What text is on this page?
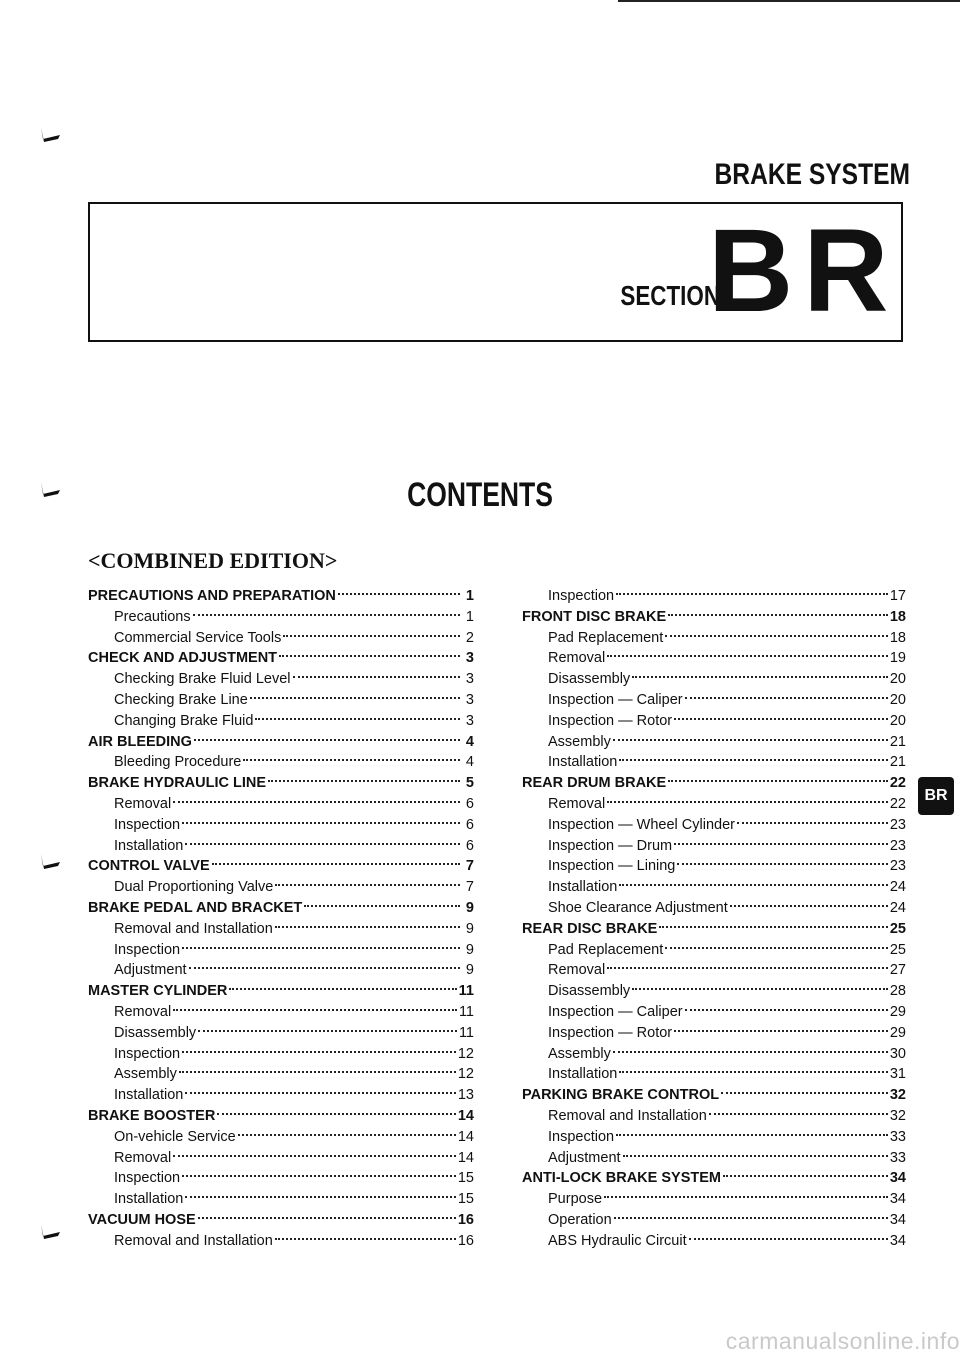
BRAKE SYSTEM
SECTION
BR
CONTENTS
<COMBINED EDITION>
PRECAUTIONS AND PREPARATION	1
Precautions	1
Commercial Service Tools	2
CHECK AND ADJUSTMENT	3
Checking Brake Fluid Level	3
Checking Brake Line	3
Changing Brake Fluid	3
AIR BLEEDING	4
Bleeding Procedure	4
BRAKE HYDRAULIC LINE	5
Removal	6
Inspection	6
Installation	6
CONTROL VALVE	7
Dual Proportioning Valve	7
BRAKE PEDAL AND BRACKET	9
Removal and Installation	9
Inspection	9
Adjustment	9
MASTER CYLINDER	11
Removal	11
Disassembly	11
Inspection	12
Assembly	12
Installation	13
BRAKE BOOSTER	14
On-vehicle Service	14
Removal	14
Inspection	15
Installation	15
VACUUM HOSE	16
Removal and Installation	16
Inspection	17
FRONT DISC BRAKE	18
Pad Replacement	18
Removal	19
Disassembly	20
Inspection — Caliper	20
Inspection — Rotor	20
Assembly	21
Installation	21
REAR DRUM BRAKE	22
Removal	22
Inspection — Wheel Cylinder	23
Inspection — Drum	23
Inspection — Lining	23
Installation	24
Shoe Clearance Adjustment	24
REAR DISC BRAKE	25
Pad Replacement	25
Removal	27
Disassembly	28
Inspection — Caliper	29
Inspection — Rotor	29
Assembly	30
Installation	31
PARKING BRAKE CONTROL	32
Removal and Installation	32
Inspection	33
Adjustment	33
ANTI-LOCK BRAKE SYSTEM	34
Purpose	34
Operation	34
ABS Hydraulic Circuit	34
BR
carmanualsonline.info
